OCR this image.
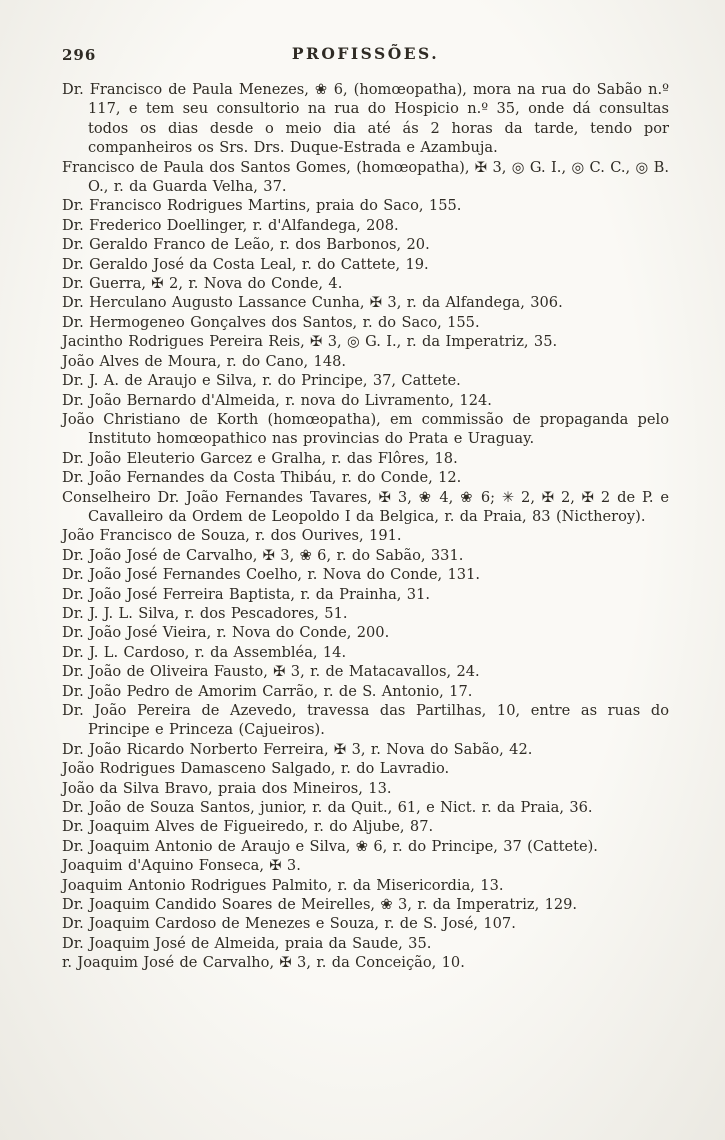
296	PROFISSÕES.

Dr. Francisco de Paula Menezes, ❀ 6, (homœopatha), mora na rua do Sabão n.º 117, e tem seu consultorio na rua do Hospicio n.º 35, onde dá consultas todos os dias desde o meio dia até ás 2 horas da tarde, tendo por companheiros os Srs. Drs. Duque-Estrada e Azambuja.

Francisco de Paula dos Santos Gomes, (homœopatha), ✠ 3, ◎ G. I., ◎ C. C., ◎ B. O., r. da Guarda Velha, 37.

Dr. Francisco Rodrigues Martins, praia do Saco, 155.

Dr. Frederico Doellinger, r. d'Alfandega, 208.

Dr. Geraldo Franco de Leão, r. dos Barbonos, 20.

Dr. Geraldo José da Costa Leal, r. do Cattete, 19.

Dr. Guerra, ✠ 2, r. Nova do Conde, 4.

Dr. Herculano Augusto Lassance Cunha, ✠ 3, r. da Alfandega, 306.

Dr. Hermogeneo Gonçalves dos Santos, r. do Saco, 155.

Jacintho Rodrigues Pereira Reis, ✠ 3, ◎ G. I., r. da Imperatriz, 35.

João Alves de Moura, r. do Cano, 148.

Dr. J. A. de Araujo e Silva, r. do Principe, 37, Cattete.

Dr. João Bernardo d'Almeida, r. nova do Livramento, 124.

João Christiano de Korth (homœopatha), em commissão de propaganda pelo Instituto homœopathico nas provincias do Prata e Uraguay.

Dr. João Eleuterio Garcez e Gralha, r. das Flôres, 18.

Dr. João Fernandes da Costa Thibáu, r. do Conde, 12.

Conselheiro Dr. João Fernandes Tavares, ✠ 3, ❀ 4, ❀ 6; ✳ 2, ✠ 2, ✠ 2 de P. e Cavalleiro da Ordem de Leopoldo I da Belgica, r. da Praia, 83 (Nictheroy).

João Francisco de Souza, r. dos Ourives, 191.

Dr. João José de Carvalho, ✠ 3, ❀ 6, r. do Sabão, 331.

Dr. João José Fernandes Coelho, r. Nova do Conde, 131.

Dr. João José Ferreira Baptista, r. da Prainha, 31.

Dr. J. J. L. Silva, r. dos Pescadores, 51.

Dr. João José Vieira, r. Nova do Conde, 200.

Dr. J. L. Cardoso, r. da Assembléa, 14.

Dr. João de Oliveira Fausto, ✠ 3, r. de Matacavallos, 24.

Dr. João Pedro de Amorim Carrão, r. de S. Antonio, 17.

Dr. João Pereira de Azevedo, travessa das Partilhas, 10, entre as ruas do Principe e Princeza (Cajueiros).

Dr. João Ricardo Norberto Ferreira, ✠ 3, r. Nova do Sabão, 42.

João Rodrigues Damasceno Salgado, r. do Lavradio.

João da Silva Bravo, praia dos Mineiros, 13.

Dr. João de Souza Santos, junior, r. da Quit., 61, e Nict. r. da Praia, 36.

Dr. Joaquim Alves de Figueiredo, r. do Aljube, 87.

Dr. Joaquim Antonio de Araujo e Silva, ❀ 6, r. do Principe, 37 (Cattete).

Joaquim d'Aquino Fonseca, ✠ 3.

Joaquim Antonio Rodrigues Palmito, r. da Misericordia, 13.

Dr. Joaquim Candido Soares de Meirelles, ❀ 3, r. da Imperatriz, 129.

Dr. Joaquim Cardoso de Menezes e Souza, r. de S. José, 107.

Dr. Joaquim José de Almeida, praia da Saude, 35.

r. Joaquim José de Carvalho, ✠ 3, r. da Conceição, 10.
